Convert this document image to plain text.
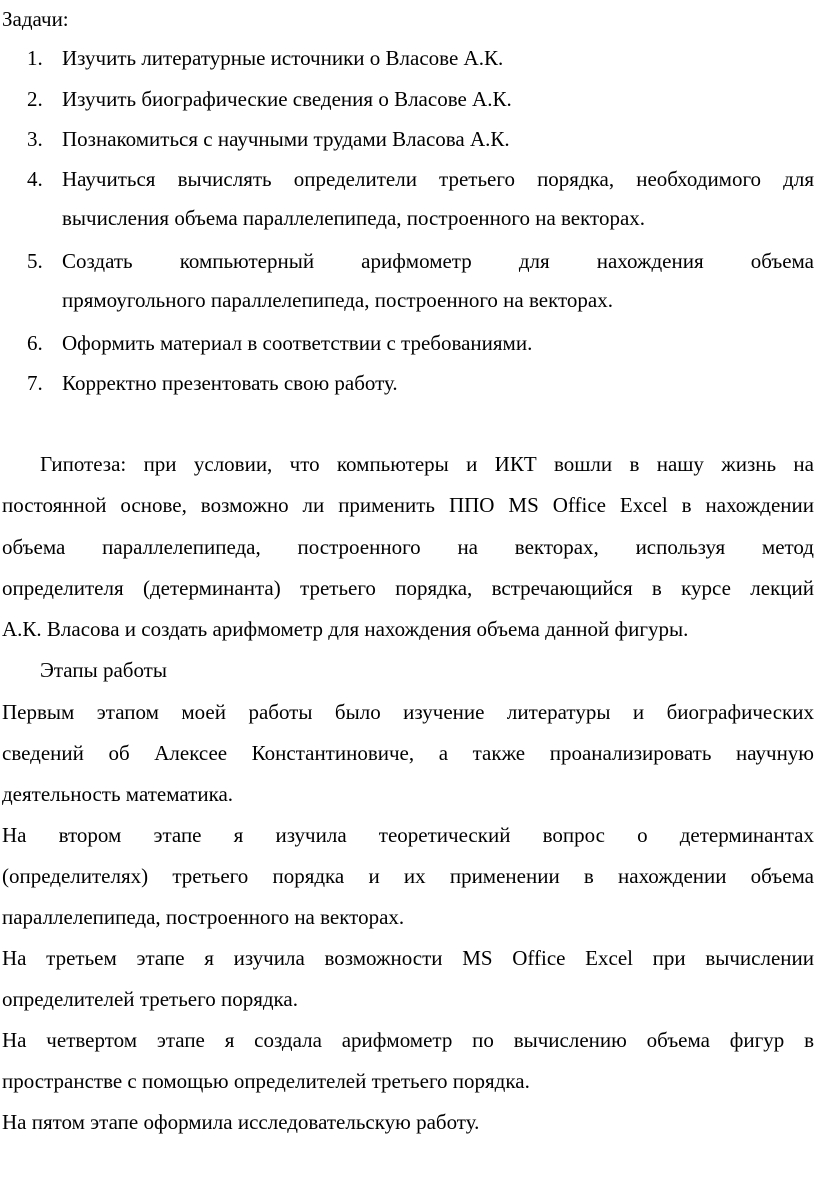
Задачи:
1. Изучить литературные источники о Власове А.К.
2. Изучить биографические сведения о Власове А.К.
3. Познакомиться с научными трудами Власова А.К.
4. Научиться вычислять определители третьего порядка, необходимого для
вычисления объема параллелепипеда, построенного на векторах.
5. Создать компьютерный арифмометр для нахождения объема
прямоугольного параллелепипеда, построенного на векторах.
6. Оформить материал в соответствии с требованиями.
7. Корректно презентовать свою работу.
Гипотеза: при условии, что компьютеры и ИКТ вошли в нашу жизнь на
постоянной основе, возможно ли применить ППО MS Office Excel в нахождении
объема параллелепипеда, построенного на векторах, используя метод
определителя (детерминанта) третьего порядка, встречающийся в курсе лекций
А.К. Власова и создать арифмометр для нахождения объема данной фигуры.
Этапы работы
Первым этапом моей работы было изучение литературы и биографических
сведений об Алексее Константиновиче, а также проанализировать научную
деятельность математика.
На втором этапе я изучила теоретический вопрос о детерминантах
(определителях) третьего порядка и их применении в нахождении объема
параллелепипеда, построенного на векторах.
На третьем этапе я изучила возможности MS Office Excel при вычислении
определителей третьего порядка.
На четвертом этапе я создала арифмометр по вычислению объема фигур в
пространстве с помощью определителей третьего порядка.
На пятом этапе оформила исследовательскую работу.
